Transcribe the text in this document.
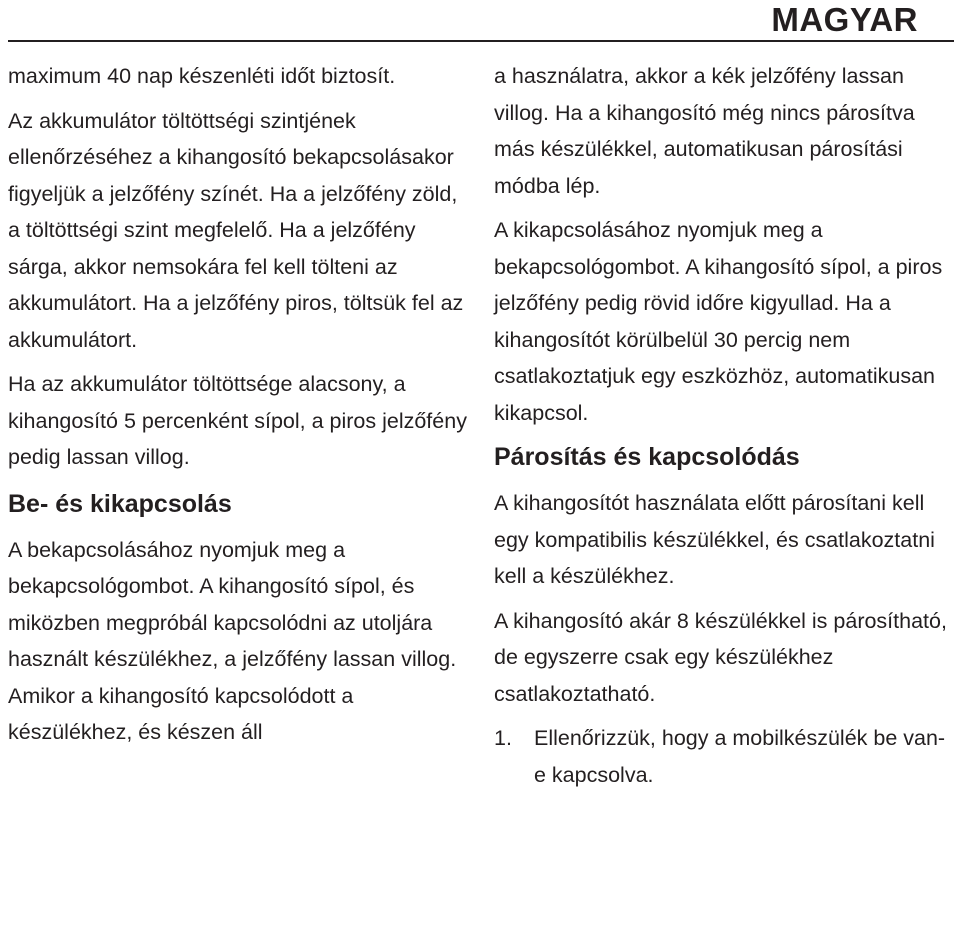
MAGYAR

maximum 40 nap készenléti időt biztosít.

Az akkumulátor töltöttségi szintjének ellenőrzéséhez a kihangosító bekapcsolásakor figyeljük a jelzőfény színét. Ha a jelzőfény zöld, a töltöttségi szint megfelelő. Ha a jelzőfény sárga, akkor nemsokára fel kell tölteni az akkumulátort. Ha a jelzőfény piros, töltsük fel az akkumulátort.

Ha az akkumulátor töltöttsége alacsony, a kihangosító 5 percenként sípol, a piros jelzőfény pedig lassan villog.

Be- és kikapcsolás

A bekapcsolásához nyomjuk meg a bekapcsológombot. A kihangosító sípol, és miközben megpróbál kapcsolódni az utoljára használt készülékhez, a jelzőfény lassan villog. Amikor a kihangosító kapcsolódott a készülékhez, és készen áll

a használatra, akkor a kék jelzőfény lassan villog. Ha a kihangosító még nincs párosítva más készülékkel, automatikusan párosítási módba lép.

A kikapcsolásához nyomjuk meg a bekapcsológombot. A kihangosító sípol, a piros jelzőfény pedig rövid időre kigyullad. Ha a kihangosítót körülbelül 30 percig nem csatlakoztatjuk egy eszközhöz, automatikusan kikapcsol.

Párosítás és kapcsolódás

A kihangosítót használata előtt párosítani kell egy kompatibilis készülékkel, és csatlakoztatni kell a készülékhez.

A kihangosító akár 8 készülékkel is párosítható, de egyszerre csak egy készülékhez csatlakoztatható.

1.	Ellenőrizzük, hogy a mobilkészülék be van-e kapcsolva.
